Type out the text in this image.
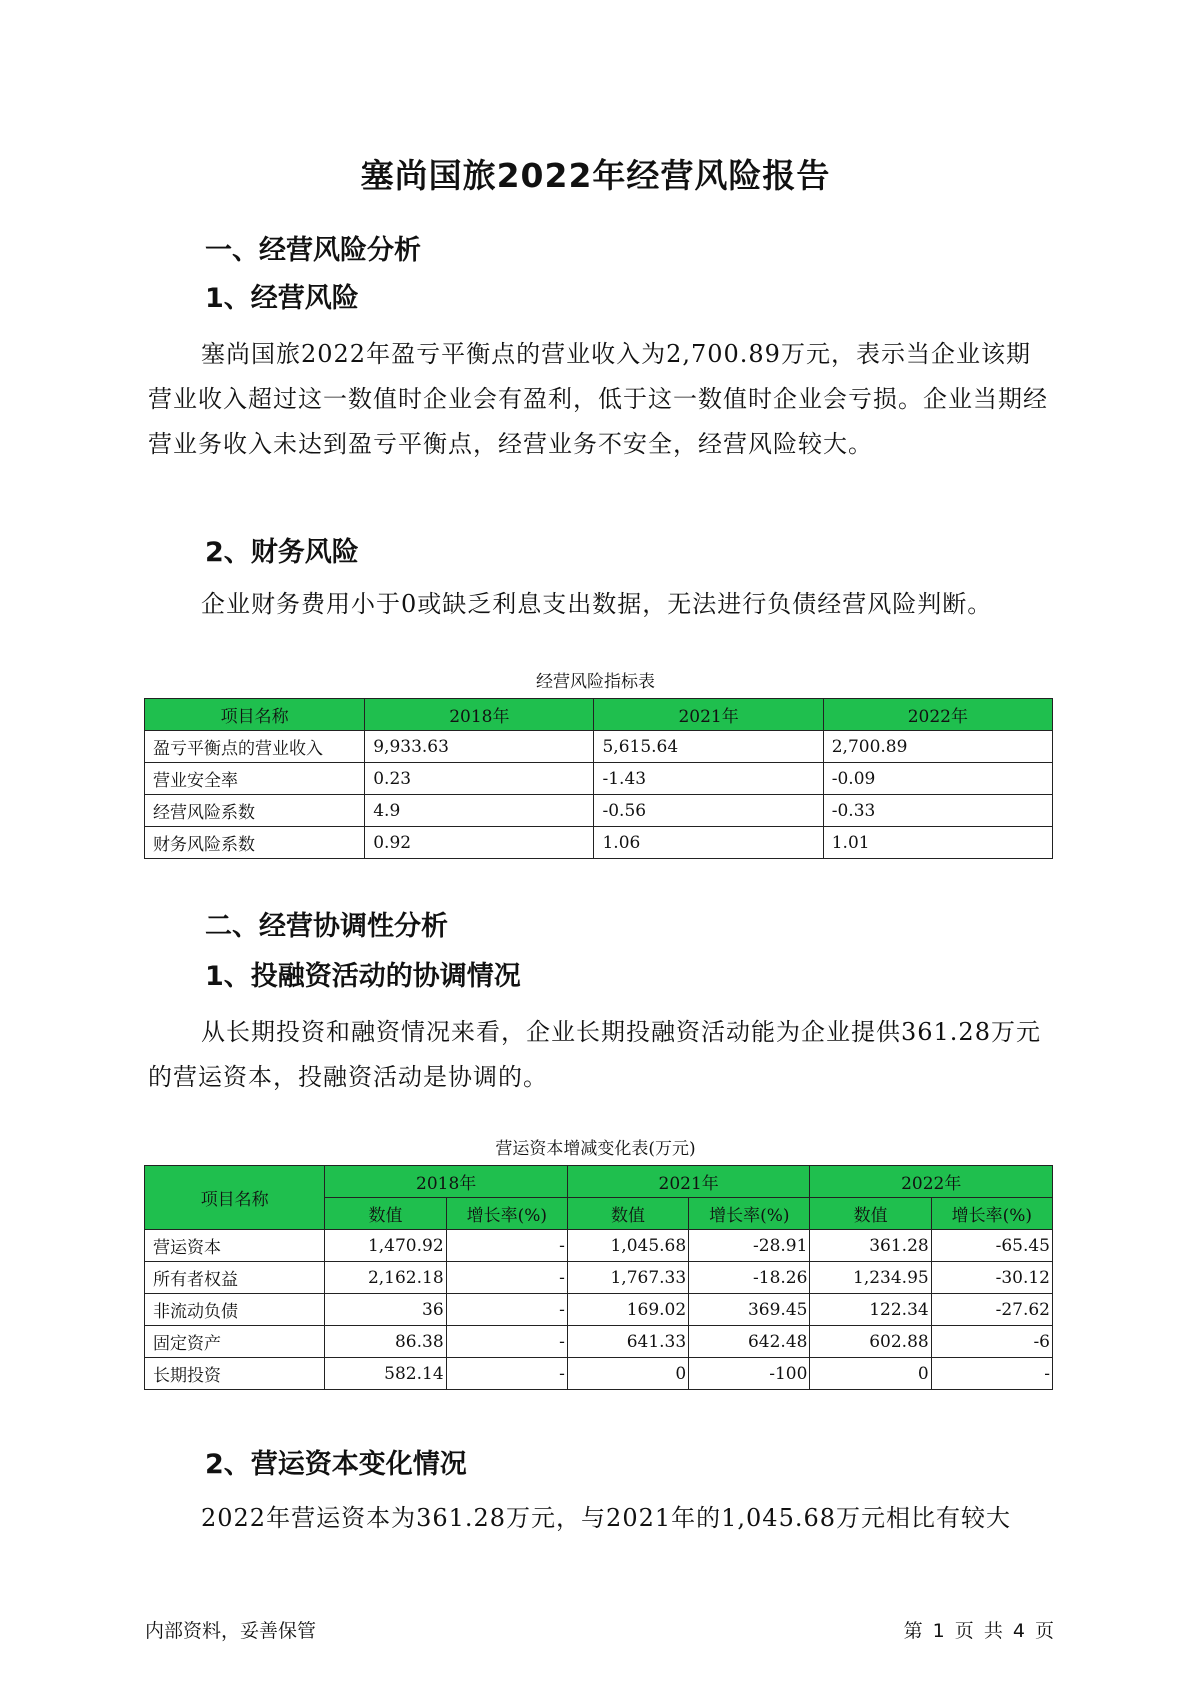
塞尚国旅2022年经营风险报告
一、经营风险分析
1、经营风险
塞尚国旅2022年盈亏平衡点的营业收入为2,700.89万元，表示当企业该期营业收入超过这一数值时企业会有盈利，低于这一数值时企业会亏损。企业当期经营业务收入未达到盈亏平衡点，经营业务不安全，经营风险较大。
2、财务风险
企业财务费用小于0或缺乏利息支出数据，无法进行负债经营风险判断。
经营风险指标表
项目名称	2018年	2021年	2022年
盈亏平衡点的营业收入	9,933.63	5,615.64	2,700.89
营业安全率	0.23	-1.43	-0.09
经营风险系数	4.9	-0.56	-0.33
财务风险系数	0.92	1.06	1.01
二、经营协调性分析
1、投融资活动的协调情况
从长期投资和融资情况来看，企业长期投融资活动能为企业提供361.28万元的营运资本，投融资活动是协调的。
营运资本增减变化表(万元)
项目名称	2018年		2021年		2022年	
	数值	增长率(%)	数值	增长率(%)	数值	增长率(%)
营运资本	1,470.92	-	1,045.68	-28.91	361.28	-65.45
所有者权益	2,162.18	-	1,767.33	-18.26	1,234.95	-30.12
非流动负债	36	-	169.02	369.45	122.34	-27.62
固定资产	86.38	-	641.33	642.48	602.88	-6
长期投资	582.14	-	0	-100	0	-
2、营运资本变化情况
2022年营运资本为361.28万元，与2021年的1,045.68万元相比有较大
内部资料，妥善保管	第 1 页 共 4 页
